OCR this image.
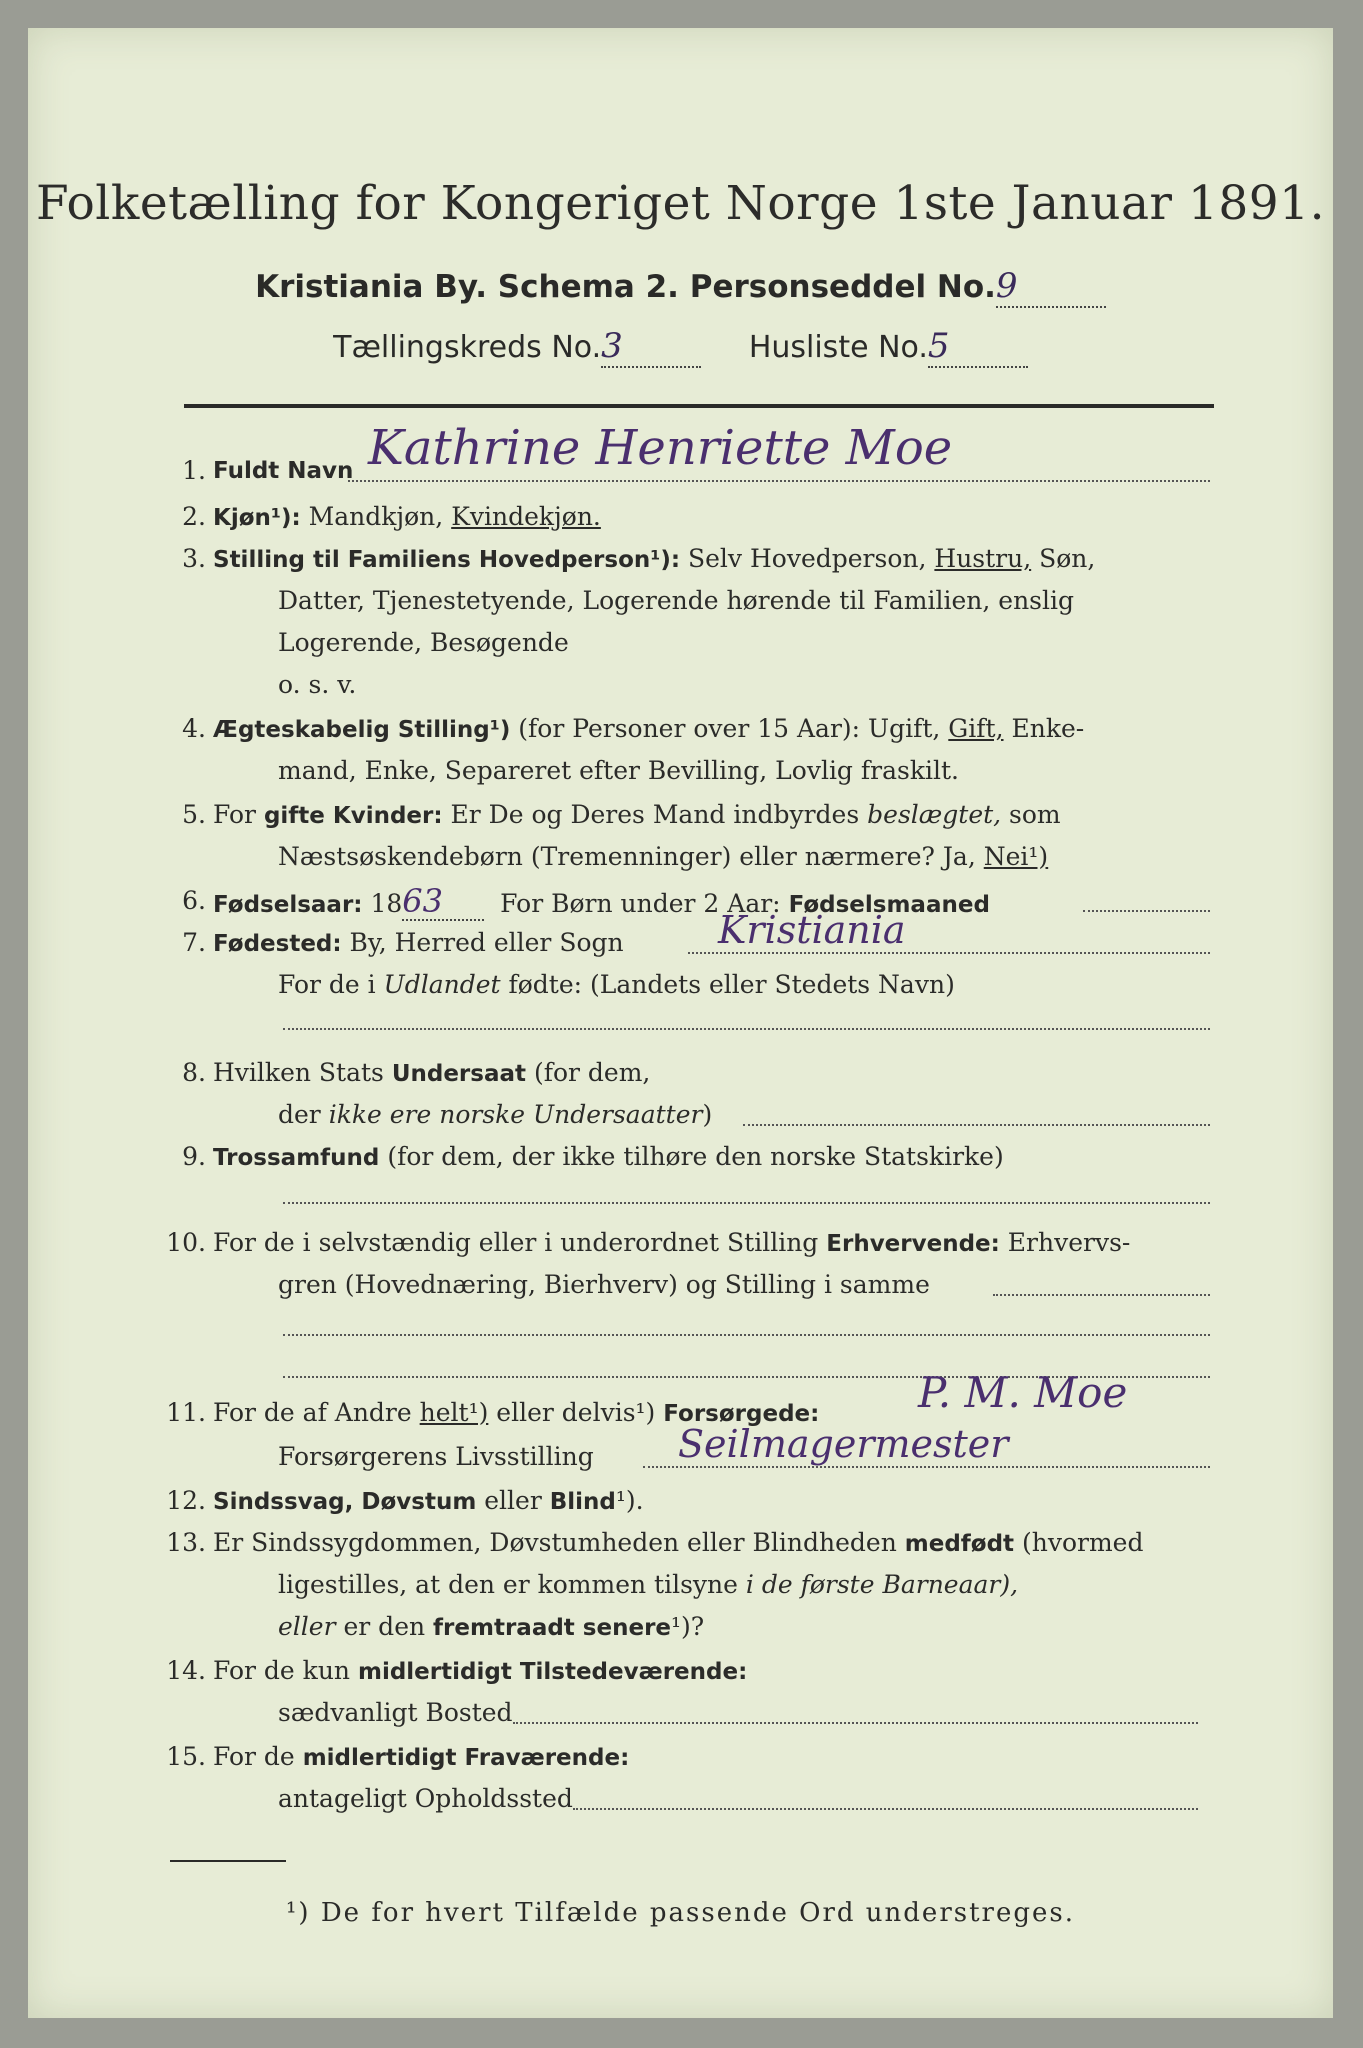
Folketælling for Kongeriget Norge 1ste Januar 1891.
Kristiania By. Schema 2. Personseddel No.9
Tællingskreds No.3	Husliste No.5
1. Fuldt Navn Kathrine Henriette Moe
2. Kjøn¹): Mandkjøn, Kvindekjøn.
3. Stilling til Familiens Hovedperson¹): Selv Hovedperson, Hustru, Søn,
Datter, Tjenestetyende, Logerende hørende til Familien, enslig
Logerende, Besøgende
o. s. v.
4. Ægteskabelig Stilling¹) (for Personer over 15 Aar): Ugift, Gift, Enke-
mand, Enke, Separeret efter Bevilling, Lovlig fraskilt.
5. For gifte Kvinder: Er De og Deres Mand indbyrdes beslægtet, som
Næstsøskendebørn (Tremenninger) eller nærmere? Ja, Nei¹)
6. Fødselsaar: 1863 For Børn under 2 Aar: Fødselsmaaned
7. Fødested: By, Herred eller Sogn Kristiania
For de i Udlandet fødte: (Landets eller Stedets Navn)
8. Hvilken Stats Undersaat (for dem,
der ikke ere norske Undersaatter)
9. Trossamfund (for dem, der ikke tilhøre den norske Statskirke)
10. For de i selvstændig eller i underordnet Stilling Erhvervende: Erhvervs-
gren (Hovednæring, Bierhverv) og Stilling i samme
11. For de af Andre helt¹) eller delvis¹) Forsørgede: P. M. Moe
Forsørgerens Livsstilling Seilmagermester
12. Sindssvag, Døvstum eller Blind¹).
13. Er Sindssygdommen, Døvstumheden eller Blindheden medfødt (hvormed
ligestilles, at den er kommen tilsyne i de første Barneaar),
eller er den fremtraadt senere¹)?
14. For de kun midlertidigt Tilstedeværende:
sædvanligt Bosted
15. For de midlertidigt Fraværende:
antageligt Opholdssted
¹) De for hvert Tilfælde passende Ord understreges.
